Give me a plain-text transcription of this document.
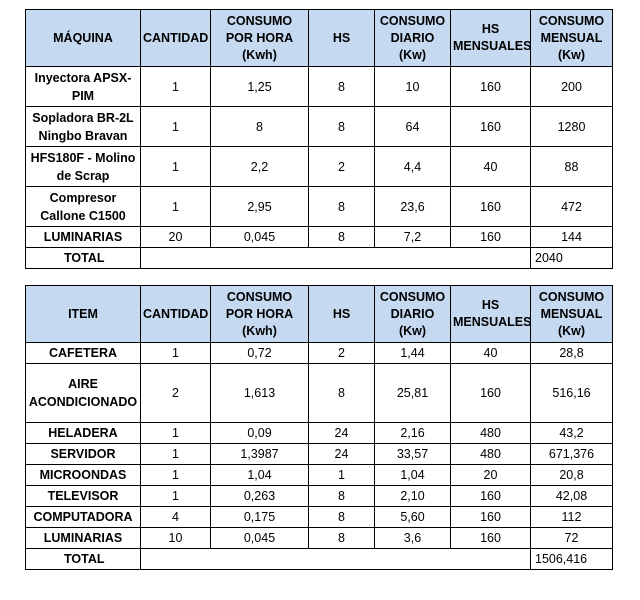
MÁQUINA	CANTIDAD	CONSUMO POR HORA (Kwh)	HS	CONSUMO DIARIO (Kw)	HS MENSUALES	CONSUMO MENSUAL (Kw)
Inyectora APSX-PIM	1	1,25	8	10	160	200
Sopladora BR-2L Ningbo Bravan	1	8	8	64	160	1280
HFS180F - Molino de Scrap	1	2,2	2	4,4	40	88
Compresor Callone C1500	1	2,95	8	23,6	160	472
LUMINARIAS	20	0,045	8	7,2	160	144
TOTAL						2040
ITEM	CANTIDAD	CONSUMO POR HORA (Kwh)	HS	CONSUMO DIARIO (Kw)	HS MENSUALES	CONSUMO MENSUAL (Kw)
CAFETERA	1	0,72	2	1,44	40	28,8
AIRE ACONDICIONADO	2	1,613	8	25,81	160	516,16
HELADERA	1	0,09	24	2,16	480	43,2
SERVIDOR	1	1,3987	24	33,57	480	671,376
MICROONDAS	1	1,04	1	1,04	20	20,8
TELEVISOR	1	0,263	8	2,10	160	42,08
COMPUTADORA	4	0,175	8	5,60	160	112
LUMINARIAS	10	0,045	8	3,6	160	72
TOTAL						1506,416
